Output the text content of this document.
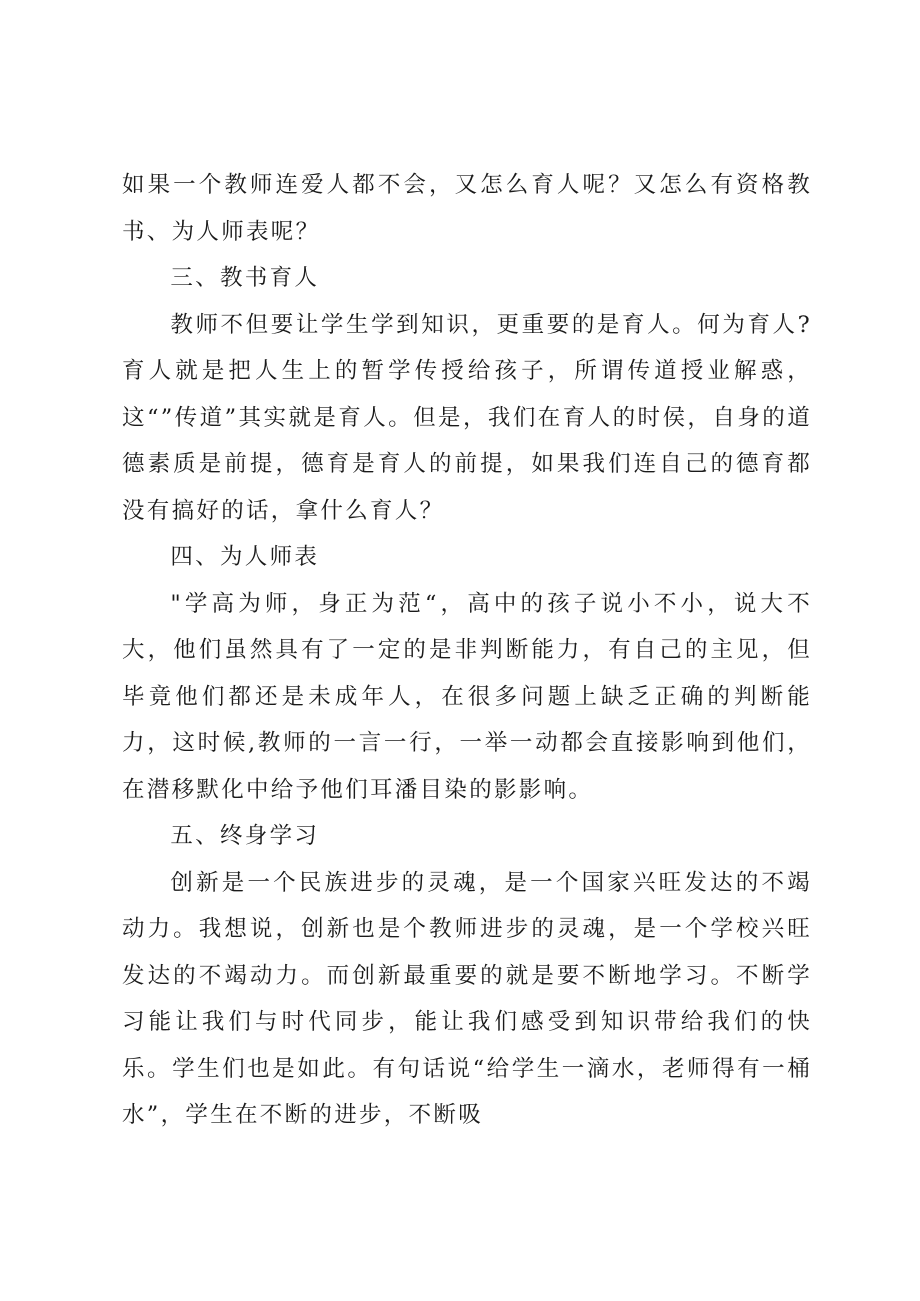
如果一个教师连爱人都不会，又怎么育人呢？又怎么有资格教书、为人师表呢？

三、教书育人

教师不但要让学生学到知识，更重要的是育人。何为育人?育人就是把人生上的暂学传授给孩子，所谓传道授业解惑，这“”传道”其实就是育人。但是，我们在育人的时侯，自身的道德素质是前提，德育是育人的前提，如果我们连自己的德育都没有搞好的话，拿什么育人？

四、为人师表

"学高为师，身正为范“，高中的孩子说小不小，说大不大，他们虽然具有了一定的是非判断能力，有自己的主见，但毕竟他们都还是未成年人，在很多问题上缺乏正确的判断能力，这时候,教师的一言一行，一举一动都会直接影响到他们，在潜移默化中给予他们耳潘目染的影影响。

五、终身学习

创新是一个民族进步的灵魂，是一个国家兴旺发达的不竭动力。我想说，创新也是个教师进步的灵魂，是一个学校兴旺发达的不竭动力。而创新最重要的就是要不断地学习。不断学习能让我们与时代同步，能让我们感受到知识带给我们的快乐。学生们也是如此。有句话说“给学生一滴水，老师得有一桶水”，学生在不断的进步，不断吸
